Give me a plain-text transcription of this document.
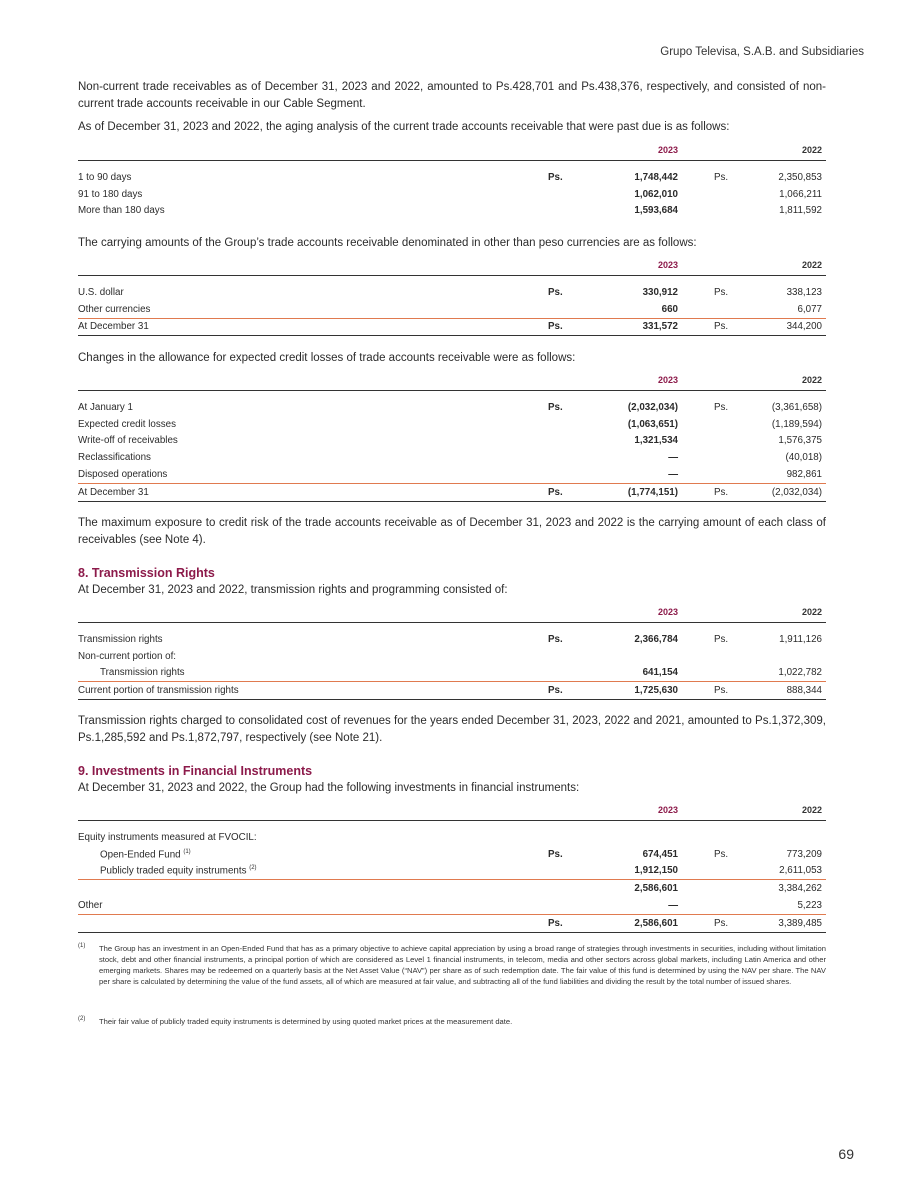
Grupo Televisa, S.A.B. and Subsidiaries

Non-current trade receivables as of December 31, 2023 and 2022, amounted to Ps.428,701 and Ps.438,376, respectively, and consisted of non-current trade accounts receivable in our Cable Segment.

As of December 31, 2023 and 2022, the aging analysis of the current trade accounts receivable that were past due is as follows:

		2023		2022

1 to 90 days	Ps.	1,748,442	Ps.	2,350,853
91 to 180 days		1,062,010		1,066,211
More than 180 days		1,593,684		1,811,592

The carrying amounts of the Group’s trade accounts receivable denominated in other than peso currencies are as follows:

		2023		2022

U.S. dollar	Ps.	330,912	Ps.	338,123
Other currencies		660		6,077
At December 31	Ps.	331,572	Ps.	344,200

Changes in the allowance for expected credit losses of trade accounts receivable were as follows:

		2023		2022

At January 1	Ps.	(2,032,034)	Ps.	(3,361,658)
Expected credit losses		(1,063,651)		(1,189,594)
Write-off of receivables		1,321,534		1,576,375
Reclassifications		—		(40,018)
Disposed operations		—		982,861
At December 31	Ps.	(1,774,151)	Ps.	(2,032,034)

The maximum exposure to credit risk of the trade accounts receivable as of December 31, 2023 and 2022 is the carrying amount of each class of receivables (see Note 4).

8. Transmission Rights

At December 31, 2023 and 2022, transmission rights and programming consisted of:

		2023		2022

Transmission rights	Ps.	2,366,784	Ps.	1,911,126
Non-current portion of:				
Transmission rights		641,154		1,022,782
Current portion of transmission rights	Ps.	1,725,630	Ps.	888,344

Transmission rights charged to consolidated cost of revenues for the years ended December 31, 2023, 2022 and 2021, amounted to Ps.1,372,309, Ps.1,285,592 and Ps.1,872,797, respectively (see Note 21).

9. Investments in Financial Instruments

At December 31, 2023 and 2022, the Group had the following investments in financial instruments:

		2023		2022

Equity instruments measured at FVOCIL:				
Open-Ended Fund $^{(1)}$	Ps.	674,451	Ps.	773,209
Publicly traded equity instruments $^{(2)}$		1,912,150		2,611,053
		2,586,601		3,384,262
Other		—		5,223
	Ps.	2,586,601	Ps.	3,389,485
(1) The Group has an investment in an Open-Ended Fund that has as a primary objective to achieve capital appreciation by using a broad range of strategies through investments in securities, including without limitation stock, debt and other financial instruments, a principal portion of which are considered as Level 1 financial instruments, in telecom, media and other sectors across global markets, including Latin America and other emerging markets. Shares may be redeemed on a quarterly basis at the Net Asset Value (“NAV”) per share as of such redemption date. The fair value of this fund is determined by using the NAV per share. The NAV per share is calculated by determining the value of the fund assets, all of which are measured at fair value, and subtracting all of the fund liabilities and dividing the result by the total number of issued shares.
(2) Their fair value of publicly traded equity instruments is determined by using quoted market prices at the measurement date.
69
